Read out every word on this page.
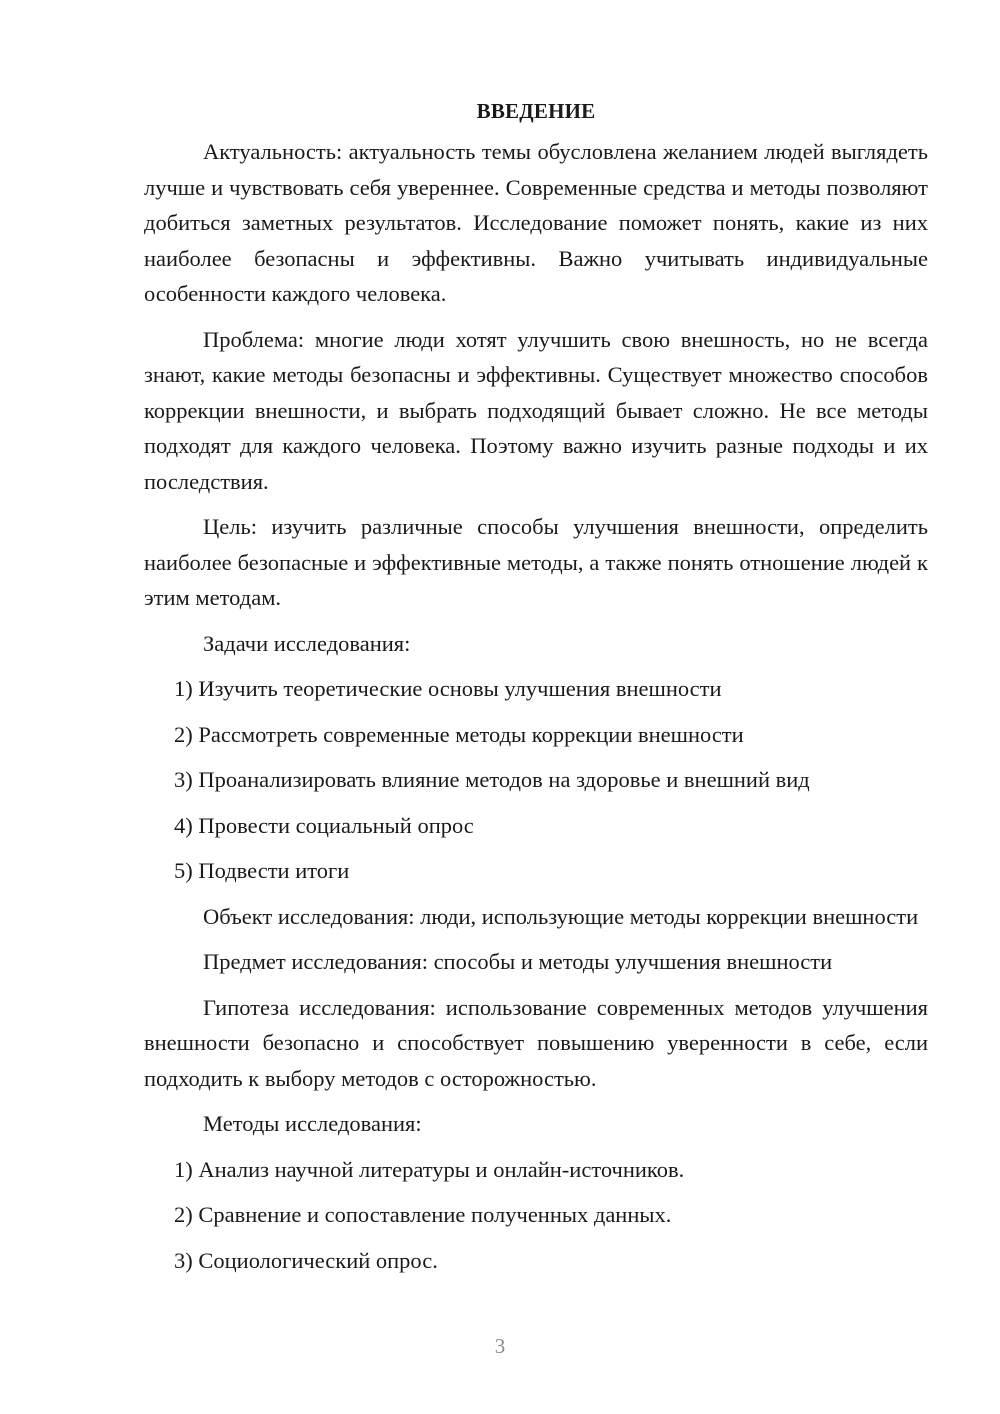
ВВЕДЕНИЕ

Актуальность: актуальность темы обусловлена желанием людей выглядеть лучше и чувствовать себя увереннее. Современные средства и методы позволяют добиться заметных результатов. Исследование поможет понять, какие из них наиболее безопасны и эффективны. Важно учитывать индивидуальные особенности каждого человека.

Проблема: многие люди хотят улучшить свою внешность, но не всегда знают, какие методы безопасны и эффективны. Существует множество способов коррекции внешности, и выбрать подходящий бывает сложно. Не все методы подходят для каждого человека. Поэтому важно изучить разные подходы и их последствия.

Цель: изучить различные способы улучшения внешности, определить наиболее безопасные и эффективные методы, а также понять отношение людей к этим методам.

Задачи исследования:

1) Изучить теоретические основы улучшения внешности
2) Рассмотреть современные методы коррекции внешности
3) Проанализировать влияние методов на здоровье и внешний вид
4) Провести социальный опрос
5) Подвести итоги

Объект исследования: люди, использующие методы коррекции внешности

Предмет исследования: способы и методы улучшения внешности

Гипотеза исследования: использование современных методов улучшения внешности безопасно и способствует повышению уверенности в себе, если подходить к выбору методов с осторожностью.

Методы исследования:

1) Анализ научной литературы и онлайн-источников.
2) Сравнение и сопоставление полученных данных.
3) Социологический опрос.
3
